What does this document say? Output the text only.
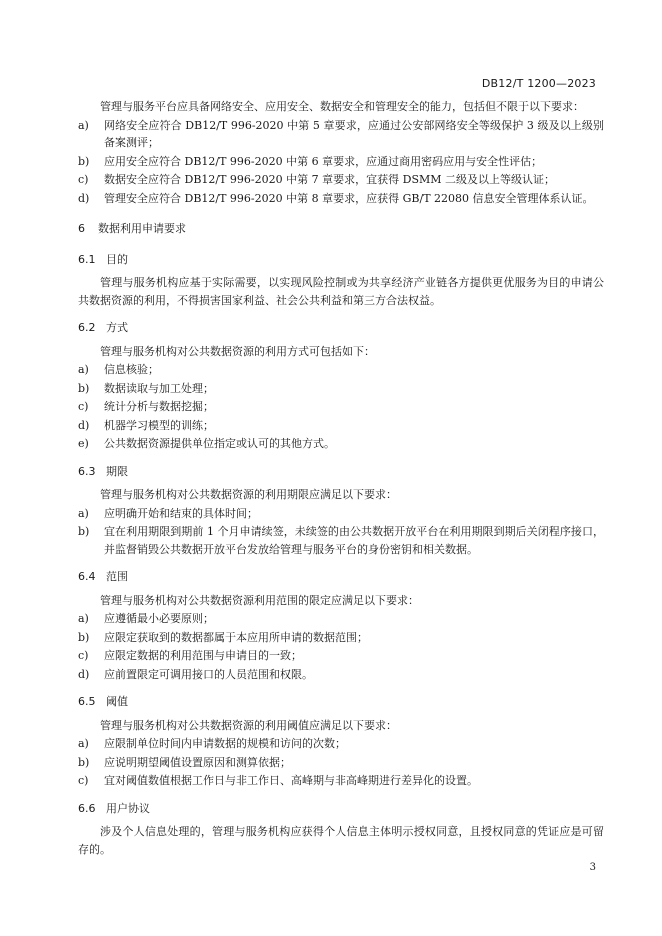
DB12/T 1200—2023

管理与服务平台应具备网络安全、应用安全、数据安全和管理安全的能力，包括但不限于以下要求：

a)	网络安全应符合 DB12/T 996-2020 中第 5 章要求，应通过公安部网络安全等级保护 3 级及以上级别备案测评；
b)	应用安全应符合 DB12/T 996-2020 中第 6 章要求，应通过商用密码应用与安全性评估；
c)	数据安全应符合 DB12/T 996-2020 中第 7 章要求，宜获得 DSMM 二级及以上等级认证；
d)	管理安全应符合 DB12/T 996-2020 中第 8 章要求，应获得 GB/T 22080 信息安全管理体系认证。
6	数据利用申请要求
6.1 目的

管理与服务机构应基于实际需要，以实现风险控制或为共享经济产业链各方提供更优服务为目的申请公共数据资源的利用，不得损害国家利益、社会公共利益和第三方合法权益。

6.2 方式

管理与服务机构对公共数据资源的利用方式可包括如下：

a)	信息核验；
b)	数据读取与加工处理；
c)	统计分析与数据挖掘；
d)	机器学习模型的训练；
e)	公共数据资源提供单位指定或认可的其他方式。
6.3 期限

管理与服务机构对公共数据资源的利用期限应满足以下要求：

a)	应明确开始和结束的具体时间；
b)	宜在利用期限到期前 1 个月申请续签，未续签的由公共数据开放平台在利用期限到期后关闭程序接口，并监督销毁公共数据开放平台发放给管理与服务平台的身份密钥和相关数据。
6.4 范围

管理与服务机构对公共数据资源利用范围的限定应满足以下要求：

a)	应遵循最小必要原则；
b)	应限定获取到的数据都属于本应用所申请的数据范围；
c)	应限定数据的利用范围与申请目的一致；
d)	应前置限定可调用接口的人员范围和权限。
6.5 阈值

管理与服务机构对公共数据资源的利用阈值应满足以下要求：

a)	应限制单位时间内申请数据的规模和访问的次数；
b)	应说明期望阈值设置原因和测算依据；
c)	宜对阈值数值根据工作日与非工作日、高峰期与非高峰期进行差异化的设置。
6.6 用户协议

涉及个人信息处理的，管理与服务机构应获得个人信息主体明示授权同意，且授权同意的凭证应是可留存的。

3
